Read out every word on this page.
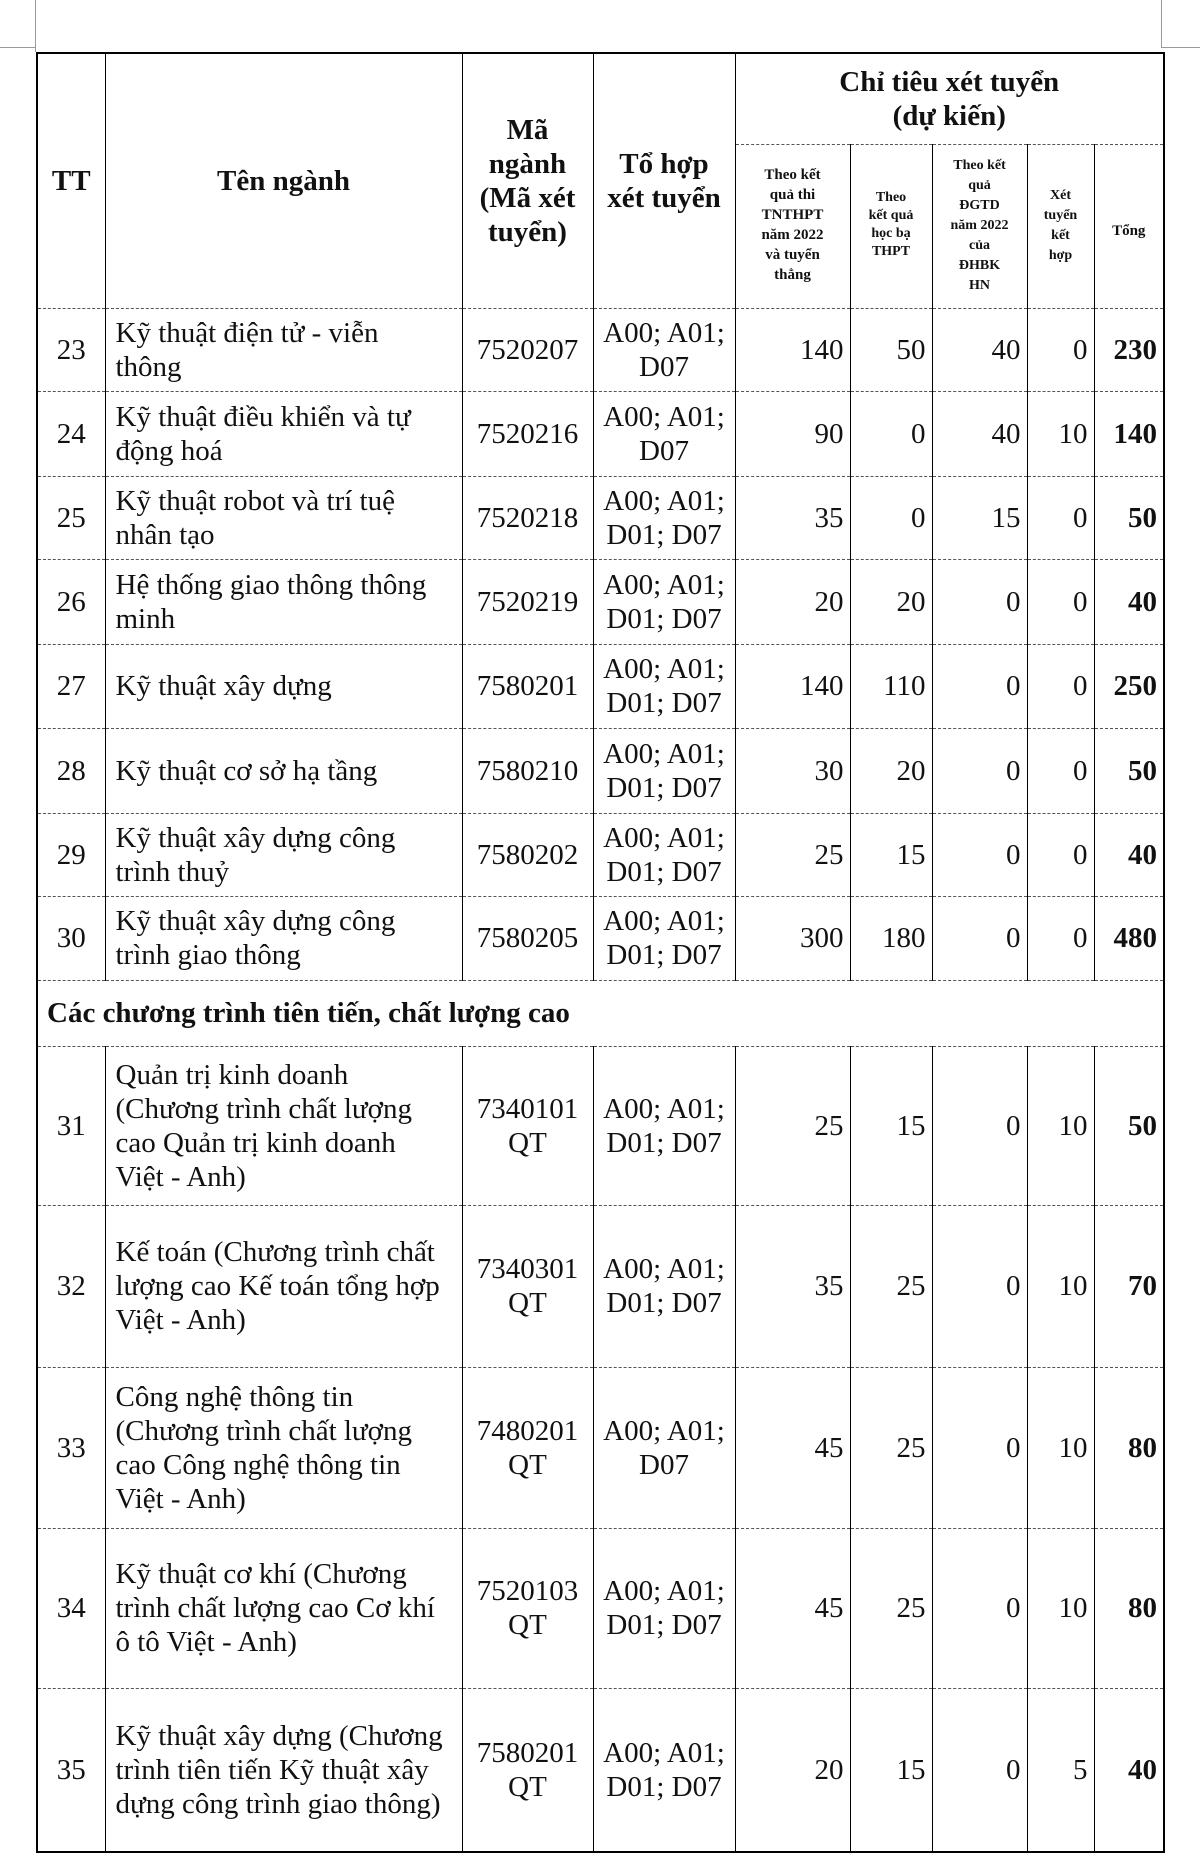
TT	Tên ngành	Mã ngành (Mã xét tuyển)	Tổ hợp xét tuyển	Chỉ tiêu xét tuyển (dự kiến)				
				Theo kết quả thi TNTHPT năm 2022 và tuyển thẳng	Theo kết quả học bạ THPT	Theo kết quả ĐGTD năm 2022 của ĐHBK HN	Xét tuyển kết hợp	Tổng
23	Kỹ thuật điện tử - viễn thông	7520207	A00; A01; D07	140	50	40	0	230
24	Kỹ thuật điều khiển và tự động hoá	7520216	A00; A01; D07	90	0	40	10	140
25	Kỹ thuật robot và trí tuệ nhân tạo	7520218	A00; A01; D01; D07	35	0	15	0	50
26	Hệ thống giao thông thông minh	7520219	A00; A01; D01; D07	20	20	0	0	40
27	Kỹ thuật xây dựng	7580201	A00; A01; D01; D07	140	110	0	0	250
28	Kỹ thuật cơ sở hạ tầng	7580210	A00; A01; D01; D07	30	20	0	0	50
29	Kỹ thuật xây dựng công trình thuỷ	7580202	A00; A01; D01; D07	25	15	0	0	40
30	Kỹ thuật xây dựng công trình giao thông	7580205	A00; A01; D01; D07	300	180	0	0	480
Các chương trình tiên tiến, chất lượng cao								
31	Quản trị kinh doanh (Chương trình chất lượng cao Quản trị kinh doanh Việt - Anh)	7340101 QT	A00; A01; D01; D07	25	15	0	10	50
32	Kế toán (Chương trình chất lượng cao Kế toán tổng hợp Việt - Anh)	7340301 QT	A00; A01; D01; D07	35	25	0	10	70
33	Công nghệ thông tin (Chương trình chất lượng cao Công nghệ thông tin Việt - Anh)	7480201 QT	A00; A01; D07	45	25	0	10	80
34	Kỹ thuật cơ khí (Chương trình chất lượng cao Cơ khí ô tô Việt - Anh)	7520103 QT	A00; A01; D01; D07	45	25	0	10	80
35	Kỹ thuật xây dựng (Chương trình tiên tiến Kỹ thuật xây dựng công trình giao thông)	7580201 QT	A00; A01; D01; D07	20	15	0	5	40
